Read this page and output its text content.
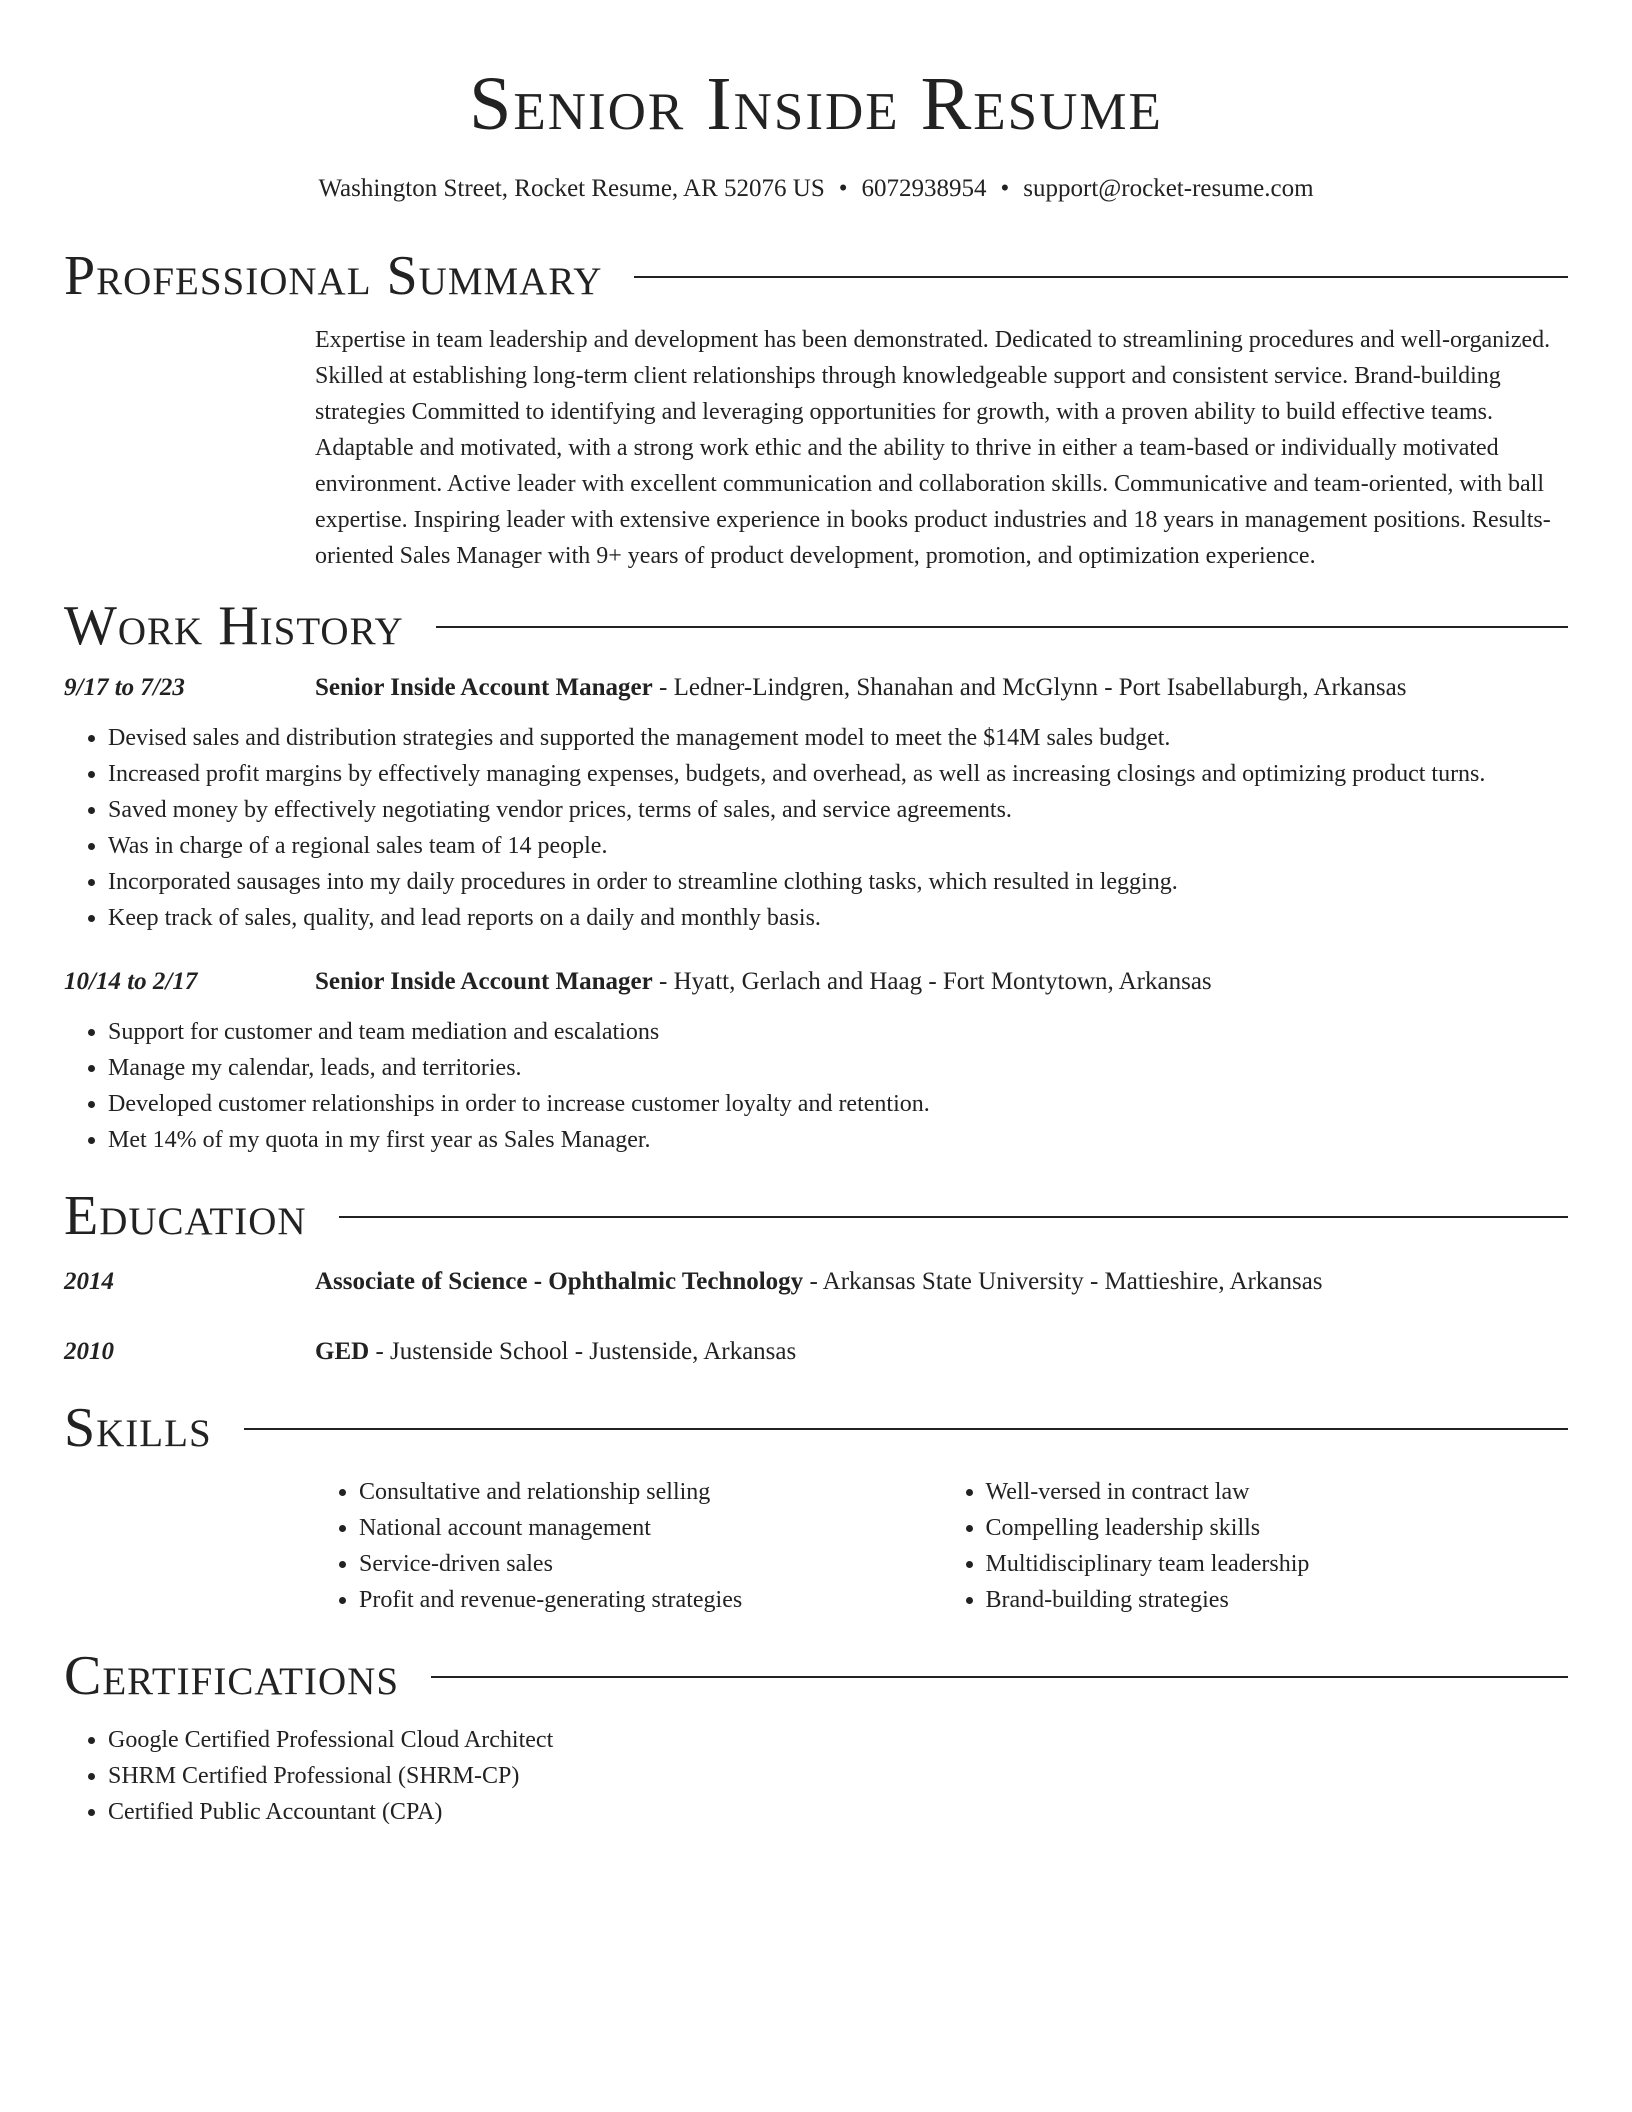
Senior Inside Resume
Washington Street, Rocket Resume, AR 52076 US • 6072938954 • support@rocket-resume.com
Professional Summary
Expertise in team leadership and development has been demonstrated. Dedicated to streamlining procedures and well-organized. Skilled at establishing long-term client relationships through knowledgeable support and consistent service. Brand-building strategies Committed to identifying and leveraging opportunities for growth, with a proven ability to build effective teams. Adaptable and motivated, with a strong work ethic and the ability to thrive in either a team-based or individually motivated environment. Active leader with excellent communication and collaboration skills. Communicative and team-oriented, with ball expertise. Inspiring leader with extensive experience in books product industries and 18 years in management positions. Results-oriented Sales Manager with 9+ years of product development, promotion, and optimization experience.
Work History
9/17 to 7/23	Senior Inside Account Manager - Ledner-Lindgren, Shanahan and McGlynn - Port Isabellaburgh, Arkansas
• Devised sales and distribution strategies and supported the management model to meet the $14M sales budget.
• Increased profit margins by effectively managing expenses, budgets, and overhead, as well as increasing closings and optimizing product turns.
• Saved money by effectively negotiating vendor prices, terms of sales, and service agreements.
• Was in charge of a regional sales team of 14 people.
• Incorporated sausages into my daily procedures in order to streamline clothing tasks, which resulted in legging.
• Keep track of sales, quality, and lead reports on a daily and monthly basis.
10/14 to 2/17	Senior Inside Account Manager - Hyatt, Gerlach and Haag - Fort Montytown, Arkansas
• Support for customer and team mediation and escalations
• Manage my calendar, leads, and territories.
• Developed customer relationships in order to increase customer loyalty and retention.
• Met 14% of my quota in my first year as Sales Manager.
Education
2014	Associate of Science - Ophthalmic Technology - Arkansas State University - Mattieshire, Arkansas
2010	GED - Justenside School - Justenside, Arkansas
Skills
• Consultative and relationship selling
• National account management
• Service-driven sales
• Profit and revenue-generating strategies
• Well-versed in contract law
• Compelling leadership skills
• Multidisciplinary team leadership
• Brand-building strategies
Certifications
• Google Certified Professional Cloud Architect
• SHRM Certified Professional (SHRM-CP)
• Certified Public Accountant (CPA)
